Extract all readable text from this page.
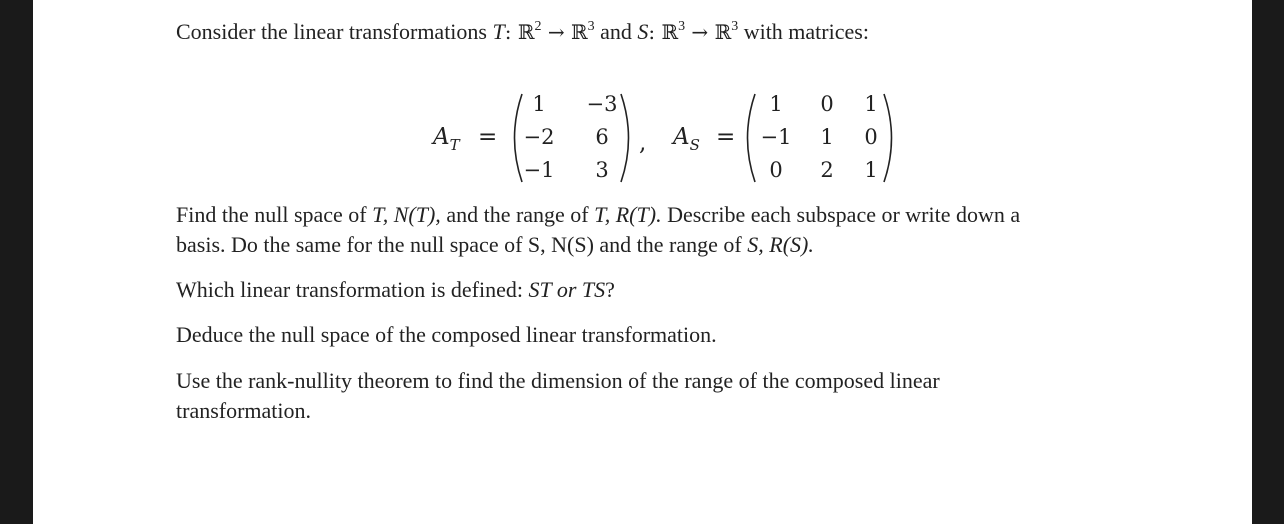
Consider the linear transformations T: ℝ$^2$ → ℝ$^3$ and S: ℝ$^3$ → ℝ$^3$ with matrices:
$A_T$ =
1	−3
−2	6
−1	3
, $A_S$ =
1	0	1
−1	1	0
0	2	1
Find the null space of T, N(T), and the range of T, R(T). Describe each subspace or write down a
basis. Do the same for the null space of S, N(S) and the range of S, R(S).
Which linear transformation is defined: ST or TS?
Deduce the null space of the composed linear transformation.
Use the rank-nullity theorem to find the dimension of the range of the composed linear
transformation.
